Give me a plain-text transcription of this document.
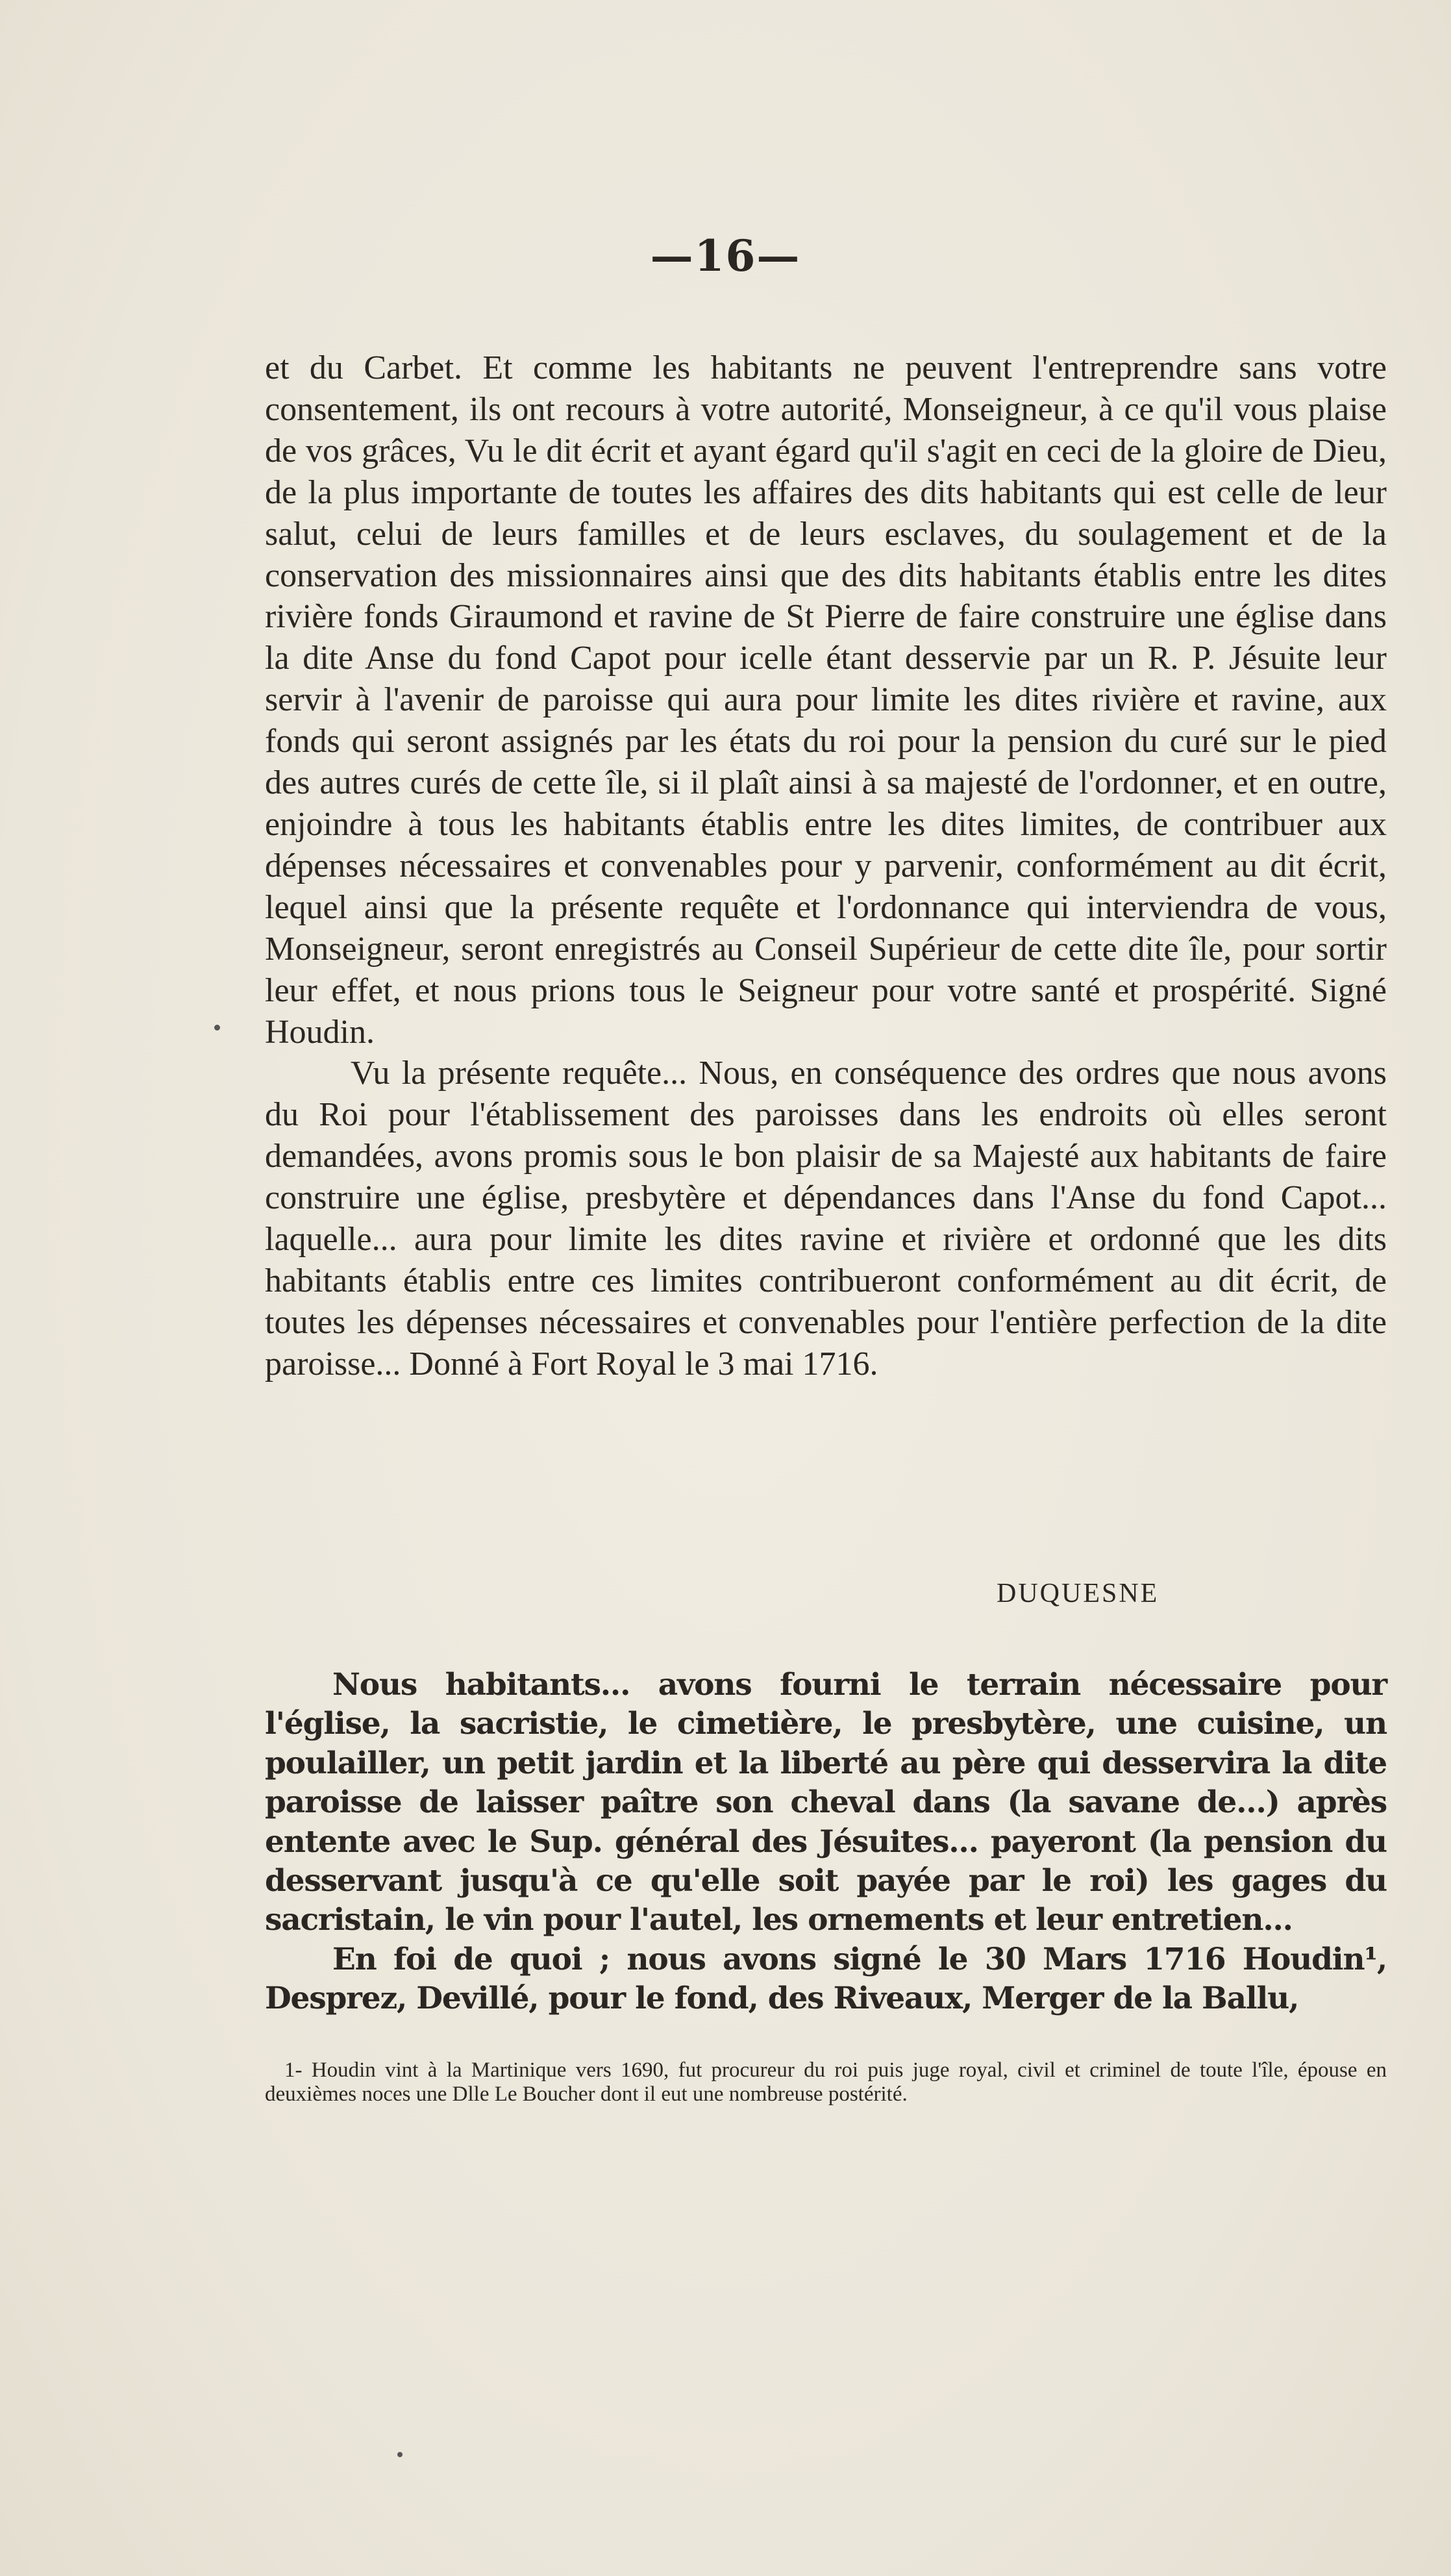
—16—

et du Carbet. Et comme les habitants ne peuvent l'entreprendre sans votre consentement, ils ont recours à votre autorité, Monseigneur, à ce qu'il vous plaise de vos grâces, Vu le dit écrit et ayant égard qu'il s'agit en ceci de la gloire de Dieu, de la plus importante de toutes les affaires des dits habitants qui est celle de leur salut, celui de leurs familles et de leurs esclaves, du soulagement et de la conservation des missionnaires ainsi que des dits habitants établis entre les dites rivière fonds Giraumond et ravine de St Pierre de faire construire une église dans la dite Anse du fond Capot pour icelle étant desservie par un R. P. Jésuite leur servir à l'avenir de paroisse qui aura pour limite les dites rivière et ravine, aux fonds qui seront assignés par les états du roi pour la pension du curé sur le pied des autres curés de cette île, si il plaît ainsi à sa majesté de l'ordonner, et en outre, enjoindre à tous les habitants établis entre les dites limites, de contribuer aux dépenses nécessaires et convenables pour y parvenir, conformément au dit écrit, lequel ainsi que la présente requête et l'ordonnance qui interviendra de vous, Monseigneur, seront enregistrés au Conseil Supérieur de cette dite île, pour sortir leur effet, et nous prions tous le Seigneur pour votre santé et prospérité. Signé Houdin.

Vu la présente requête... Nous, en conséquence des ordres que nous avons du Roi pour l'établissement des paroisses dans les endroits où elles seront demandées, avons promis sous le bon plaisir de sa Majesté aux habitants de faire construire une église, presbytère et dépendances dans l'Anse du fond Capot... laquelle... aura pour limite les dites ravine et rivière et ordonné que les dits habitants établis entre ces limites contribueront conformément au dit écrit, de toutes les dépenses nécessaires et convenables pour l'entière perfection de la dite paroisse... Donné à Fort Royal le 3 mai 1716.

DUQUESNE

Nous habitants... avons fourni le terrain nécessaire pour l'église, la sacristie, le cimetière, le presbytère, une cuisine, un poulailler, un petit jardin et la liberté au père qui desservira la dite paroisse de laisser paître son cheval dans (la savane de...) après entente avec le Sup. général des Jésuites... payeront (la pension du desservant jusqu'à ce qu'elle soit payée par le roi) les gages du sacristain, le vin pour l'autel, les ornements et leur entretien...

En foi de quoi ; nous avons signé le 30 Mars 1716 Houdin¹, Desprez, Devillé, pour le fond, des Riveaux, Merger de la Ballu,

1- Houdin vint à la Martinique vers 1690, fut procureur du roi puis juge royal, civil et criminel de toute l'île, épouse en deuxièmes noces une Dlle Le Boucher dont il eut une nombreuse postérité.
